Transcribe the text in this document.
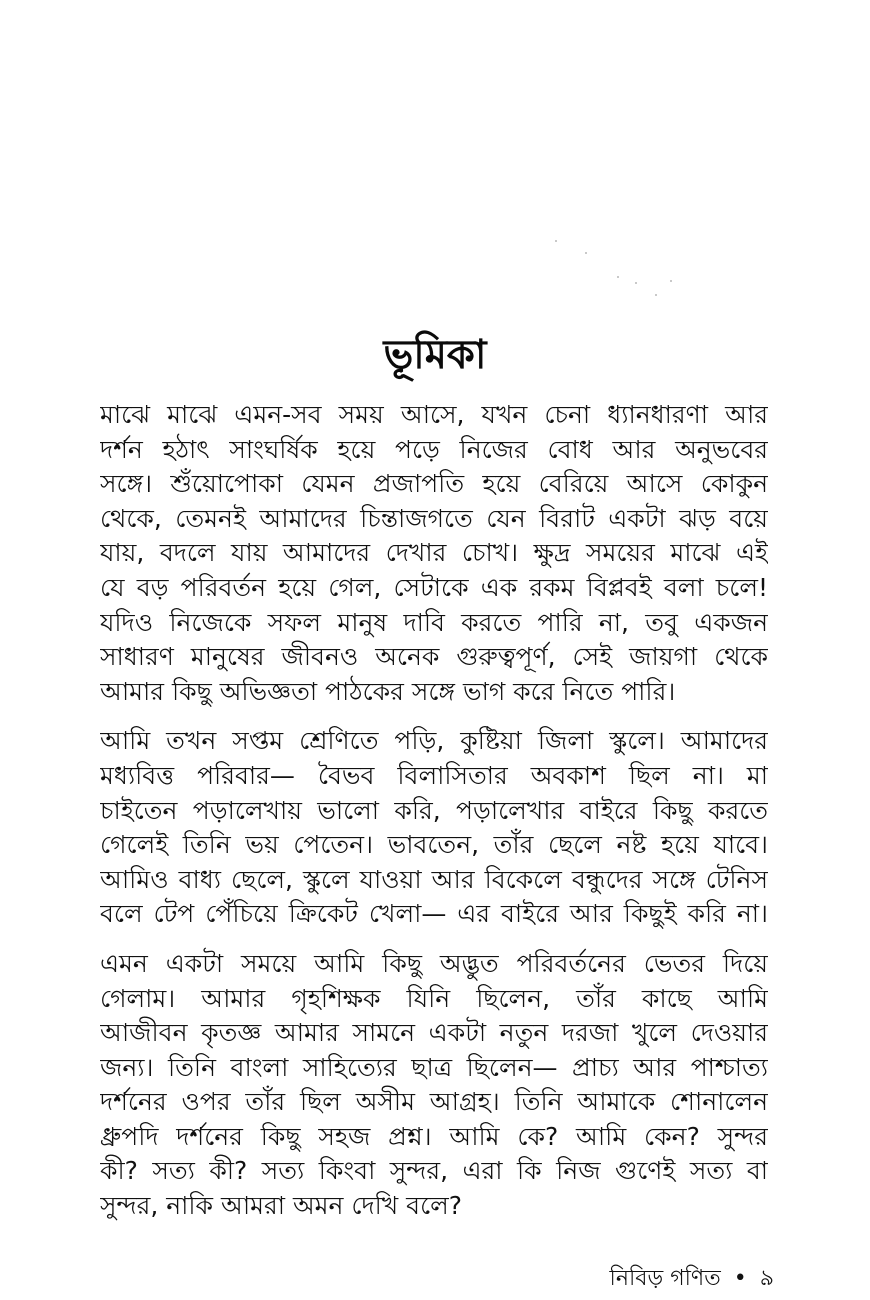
ভূমিকা

মাঝে মাঝে এমন-সব সময় আসে, যখন চেনা ধ্যানধারণা আর
দর্শন হঠাৎ সাংঘর্ষিক হয়ে পড়ে নিজের বোধ আর অনুভবের
সঙ্গে। শুঁয়োপোকা যেমন প্রজাপতি হয়ে বেরিয়ে আসে কোকুন
থেকে, তেমনই আমাদের চিন্তাজগতে যেন বিরাট একটা ঝড় বয়ে
যায়, বদলে যায় আমাদের দেখার চোখ। ক্ষুদ্র সময়ের মাঝে এই
যে বড় পরিবর্তন হয়ে গেল, সেটাকে এক রকম বিপ্লবই বলা চলে!
যদিও নিজেকে সফল মানুষ দাবি করতে পারি না, তবু একজন
সাধারণ মানুষের জীবনও অনেক গুরুত্বপূর্ণ, সেই জায়গা থেকে
আমার কিছু অভিজ্ঞতা পাঠকের সঙ্গে ভাগ করে নিতে পারি।

আমি তখন সপ্তম শ্রেণিতে পড়ি, কুষ্টিয়া জিলা স্কুলে। আমাদের
মধ্যবিত্ত পরিবার— বৈভব বিলাসিতার অবকাশ ছিল না। মা
চাইতেন পড়ালেখায় ভালো করি, পড়ালেখার বাইরে কিছু করতে
গেলেই তিনি ভয় পেতেন। ভাবতেন, তাঁর ছেলে নষ্ট হয়ে যাবে।
আমিও বাধ্য ছেলে, স্কুলে যাওয়া আর বিকেলে বন্ধুদের সঙ্গে টেনিস
বলে টেপ পেঁচিয়ে ক্রিকেট খেলা— এর বাইরে আর কিছুই করি না।

এমন একটা সময়ে আমি কিছু অদ্ভুত পরিবর্তনের ভেতর দিয়ে
গেলাম। আমার গৃহশিক্ষক যিনি ছিলেন, তাঁর কাছে আমি
আজীবন কৃতজ্ঞ আমার সামনে একটা নতুন দরজা খুলে দেওয়ার
জন্য। তিনি বাংলা সাহিত্যের ছাত্র ছিলেন— প্রাচ্য আর পাশ্চাত্য
দর্শনের ওপর তাঁর ছিল অসীম আগ্রহ। তিনি আমাকে শোনালেন
ধ্রুপদি দর্শনের কিছু সহজ প্রশ্ন। আমি কে? আমি কেন? সুন্দর
কী? সত্য কী? সত্য কিংবা সুন্দর, এরা কি নিজ গুণেই সত্য বা
সুন্দর, নাকি আমরা অমন দেখি বলে?

নিবিড় গণিত • ৯
